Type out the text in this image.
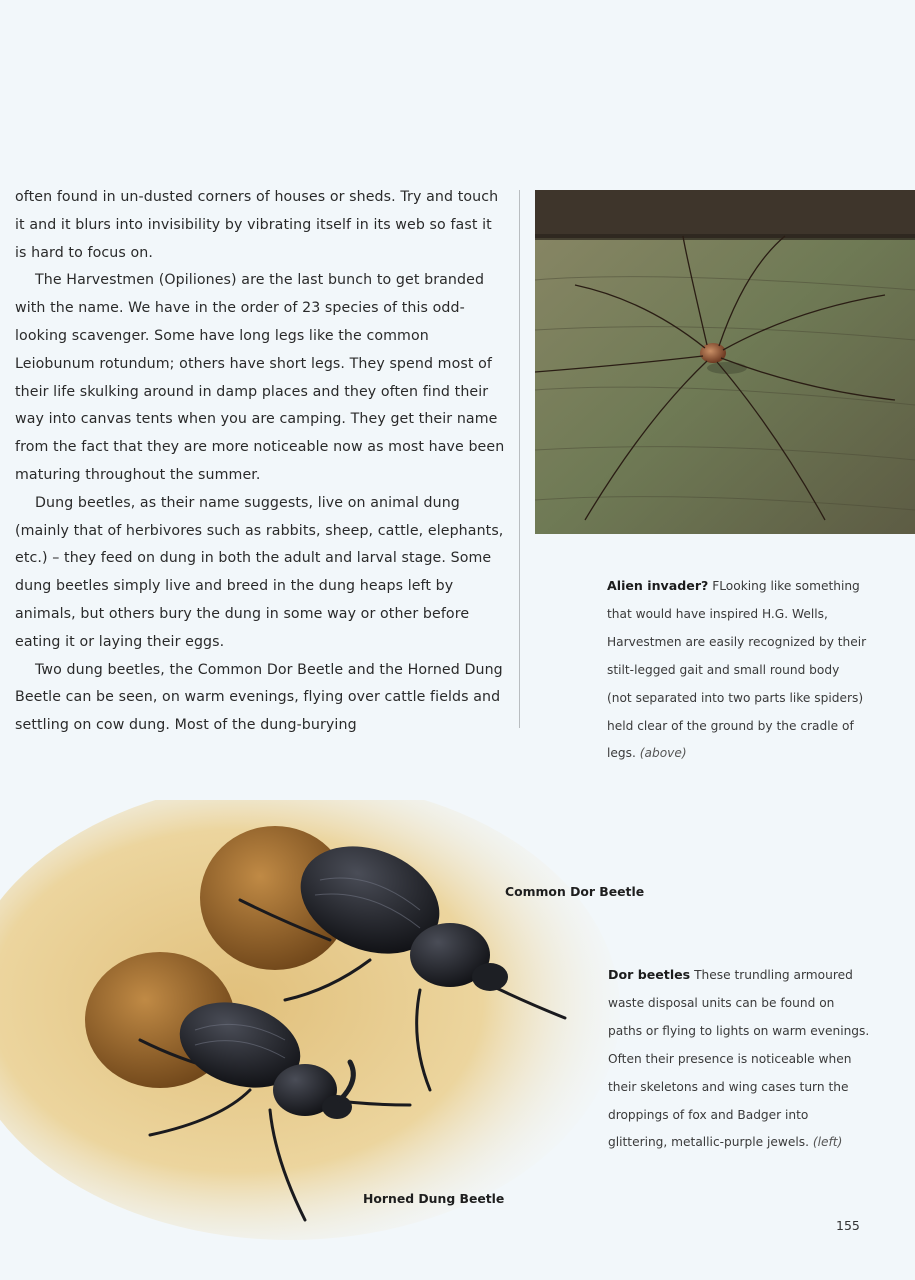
often found in un-dusted corners of houses or sheds. Try and touch it and it blurs into invisibility by vibrating itself in its web so fast it is hard to focus on.

The Harvestmen (Opiliones) are the last bunch to get branded with the name. We have in the order of 23 species of this odd-looking scavenger. Some have long legs like the common Leiobunum rotundum; others have short legs. They spend most of their life skulking around in damp places and they often find their way into canvas tents when you are camping. They get their name from the fact that they are more noticeable now as most have been maturing throughout the summer.

Dung beetles, as their name suggests, live on animal dung (mainly that of herbivores such as rabbits, sheep, cattle, elephants, etc.) – they feed on dung in both the adult and larval stage. Some dung beetles simply live and breed in the dung heaps left by animals, but others bury the dung in some way or other before eating it or laying their eggs.

Two dung beetles, the Common Dor Beetle and the Horned Dung Beetle can be seen, on warm evenings, flying over cattle fields and settling on cow dung. Most of the dung-burying

Alien invader? FLooking like something that would have inspired H.G. Wells, Harvestmen are easily recognized by their stilt-legged gait and small round body (not separated into two parts like spiders) held clear of the ground by the cradle of legs. (above)
Common Dor Beetle
Horned Dung Beetle
Dor beetles These trundling armoured waste disposal units can be found on paths or flying to lights on warm evenings. Often their presence is noticeable when their skeletons and wing cases turn the droppings of fox and Badger into glittering, metallic-purple jewels. (left)
155
